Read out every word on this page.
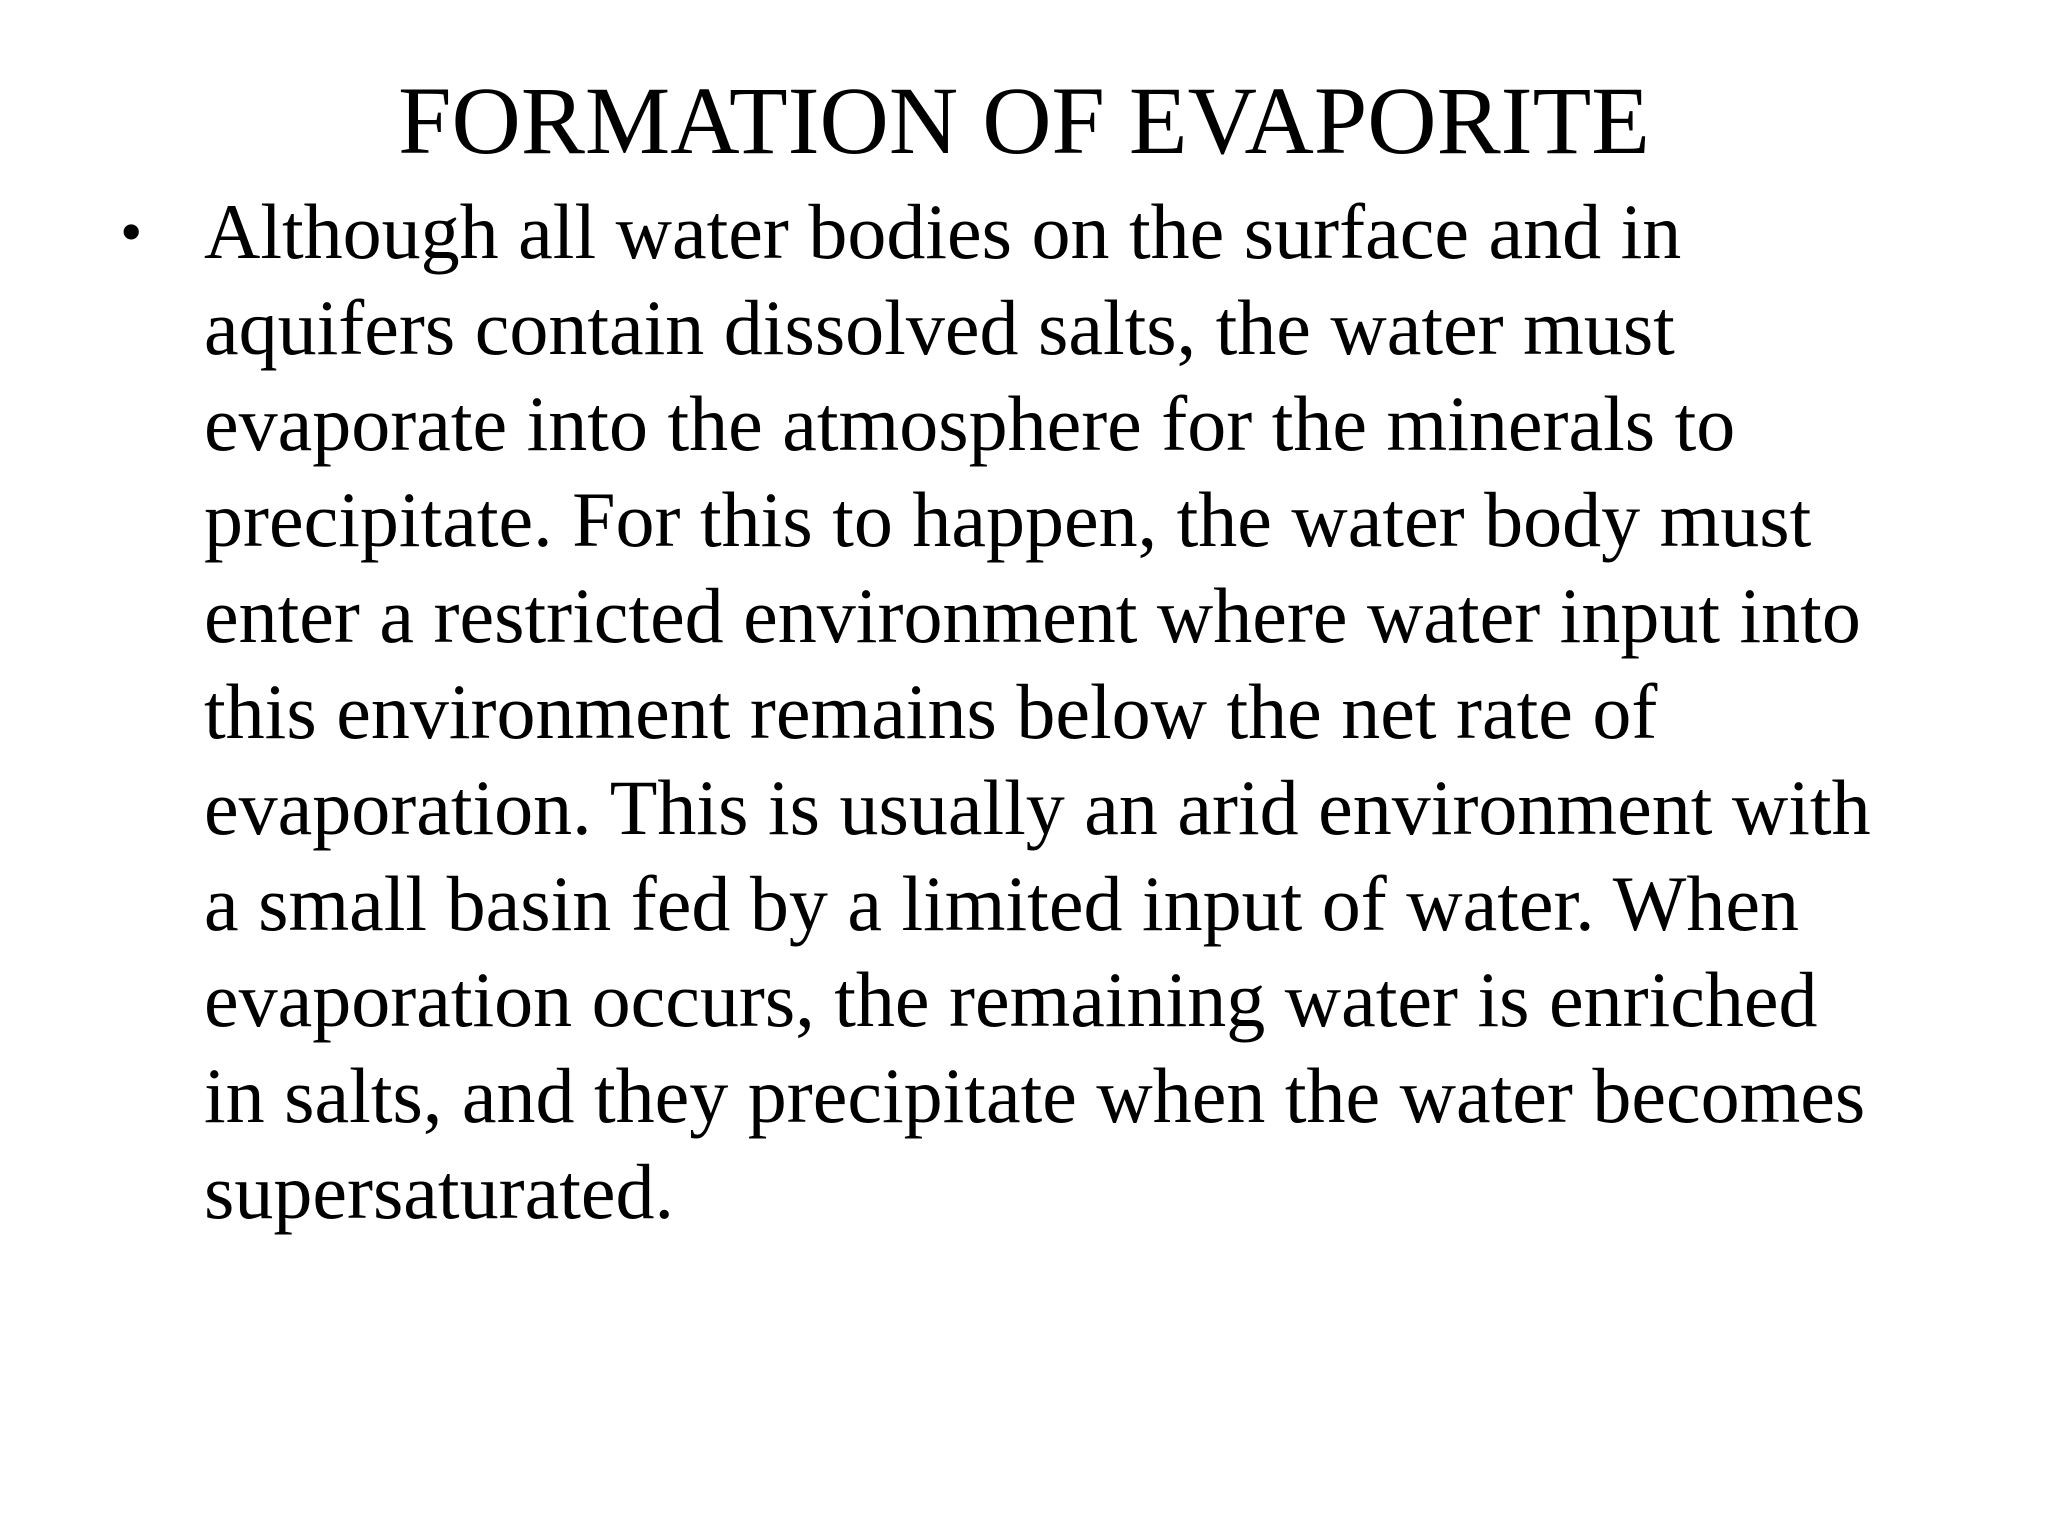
FORMATION OF EVAPORITE
• Although all water bodies on the surface and in
aquifers contain dissolved salts, the water must
evaporate into the atmosphere for the minerals to
precipitate. For this to happen, the water body must
enter a restricted environment where water input into
this environment remains below the net rate of
evaporation. This is usually an arid environment with
a small basin fed by a limited input of water. When
evaporation occurs, the remaining water is enriched
in salts, and they precipitate when the water becomes
supersaturated.
